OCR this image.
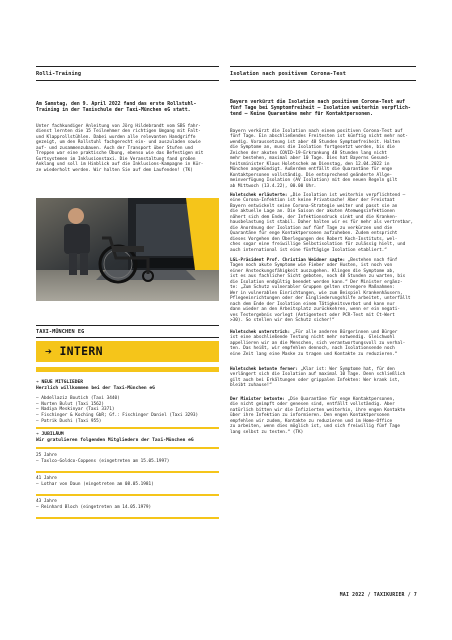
Rolli-Training	Isolation nach positivem Corona-Test

Am Samstag, den 9. April 2022 fand das erste Rollstuhl-
Training in der Taxischule der Taxi-München eG statt.

Unter fachkundiger Anleitung von Jörg Hildebrandt vom SBS fahr-
dienst lernten die 15 Teilnehmer den richtigen Umgang mit Falt-
und Klapprollstühlen. Dabei wurden alle relevanten Handgriffe
gezeigt, um den Rollstuhl fachgerecht ein- und auszuladen sowie
auf- und zusammenzubauen. Auch der Transport über Stufen und
Treppen war eine praktische Übung, ebenso wie das Befestigen mit
Gurtsystemen im Inklusionstaxi. Die Veranstaltung fand großen
Anklang und soll im Hinblick auf die Inklusions-Kampagne in Kür-
ze wiederholt werden. Wir halten Sie auf dem Laufenden! (TK)

TAXI-MÜNCHEN EG
➔ INTERN

➔ NEUE MITGLIEDER
Herzlich willkommen bei der Taxi-München eG

– Abdellaziz Boutich (Taxi 3440)

– Nurten Bulut (Taxi 1562)

– Nadiya Meskinyar (Taxi 3371)

– Fischinger & Koching GbR; Gf.: Fischinger Daniel (Taxi 3293)

– Patrik Dushi (Taxi 955)

➔ JUBILÄUM
Wir gratulieren folgenden Mitgliedern der Taxi-München eG

25 Jahre

– Taxlco-Goldco-Coppens (eingetreten am 15.05.1997)

41 Jahre

– Lothar von Daun (eingetreten am 08.05.1981)

43 Jahre

– Reinhard Bloch (eingetreten am 14.05.1979)

Bayern verkürzt die Isolation nach positivem Corona-Test auf
fünf Tage bei Symptomfreiheit – Isolation weiterhin verpflich-
tend – Keine Quarantäne mehr für Kontaktpersonen.

Bayern verkürzt die Isolation nach einem positiven Corona-Test auf
fünf Tage. Ein abschließendes Freitesten ist künftig nicht mehr not-
wendig. Voraussetzung ist aber 48 Stunden Symptomfreiheit. Halten
die Symptome an, muss die Isolation fortgesetzt werden, bis die
Zeichen der akuten COVID-19-Erkrankung 48 Stunden lang nicht
mehr bestehen, maximal aber 10 Tage. Dies hat Bayerns Gesund-
heitsminister Klaus Holetschek am Dienstag, den 12.04.2022 in
München angekündigt. Außerdem entfällt die Quarantäne für enge
Kontaktpersonen vollständig. Die entsprechend geänderte Allge-
meinverfügung Isolation (AV Isolation) mit den neuen Regeln gilt
ab Mittwoch (13.4.22), 00.00 Uhr.

Holetschek erläuterte: „Die Isolation ist weiterhin verpflichtend –
eine Corona-Infektion ist keine Privatsache! Aber der Freistaat
Bayern entwickelt seine Corona-Strategie weiter und passt sie an
die aktuelle Lage an. Die Saison der akuten Atemwegsinfektionen
nähert sich dem Ende, der Infektionsdruck sinkt und die Kranken-
hausbelastung ist stabil. Daher halten wir es für mehr als vertretbar,
die Anordnung der Isolation auf fünf Tage zu verkürzen und die
Quarantäne für enge Kontaktpersonen aufzuheben. Zudem entspricht
dieses Vorgehen den Überlegungen des Robert Koch-Instituts, wel-
ches sogar eine freiwillige Selbstisolation für zulässig hielt, und
auch international ist eine fünftägige Isolation etabliert.“

LGL-Präsident Prof. Christian Weidner sagte: „Bestehen nach fünf
Tagen noch akute Symptome wie Fieber oder Husten, ist noch von
einer Ansteckungsfähigkeit auszugehen. Klingen die Symptome ab,
ist es aus fachlicher Sicht geboten, noch 48 Stunden zu warten, bis
die Isolation endgültig beendet werden kann.“ Der Minister ergänz-
te: „Zum Schutz vulnerabler Gruppen gelten strengere Maßnahmen:
Wer in vulnerablen Einrichtungen, wie zum Beispiel Krankenhäusern,
Pflegeeinrichtungen oder der Eingliederungshilfe arbeitet, unterfällt
nach dem Ende der Isolation einem Tätigkeitsverbot und kann nur
dann wieder an den Arbeitsplatz zurückkehren, wenn er ein negati-
ves Testergebnis vorlegt (Antigentest oder PCR-Test mit Ct-Wert
>30). So stellen wir den Schutz sicher!“

Holetschek unterstrich: „Für alle anderen Bürgerinnen und Bürger
ist eine abschließende Testung nicht mehr notwendig. Gleichwohl
appellieren wir an die Menschen, sich verantwortungsvoll zu verhal-
ten. Das heißt, wir empfehlen dennoch, nach Isolationsende noch
eine Zeit lang eine Maske zu tragen und Kontakte zu reduzieren.“

Holetschek betonte ferner: „Klar ist: Wer Symptome hat, für den
verlängert sich die Isolation auf maximal 10 Tage. Denn schließlich
gilt auch bei Erkältungen oder grippalen Infekten: Wer krank ist,
bleibt zuhause!“

Der Minister betonte: „Die Quarantäne für enge Kontaktpersonen,
die nicht geimpft oder genesen sind, entfällt vollständig. Aber
natürlich bitten wir die Infizierten weiterhin, ihre engen Kontakte
über ihre Infektion zu informieren. Den engen Kontaktpersonen
empfehlen wir zudem, Kontakte zu reduzieren und im Home-Office
zu arbeiten, wenn dies möglich ist, und sich freiwillig fünf Tage
lang selbst zu testen.“ (TK)

MAI 2022 / TAXIKURIER / 7
